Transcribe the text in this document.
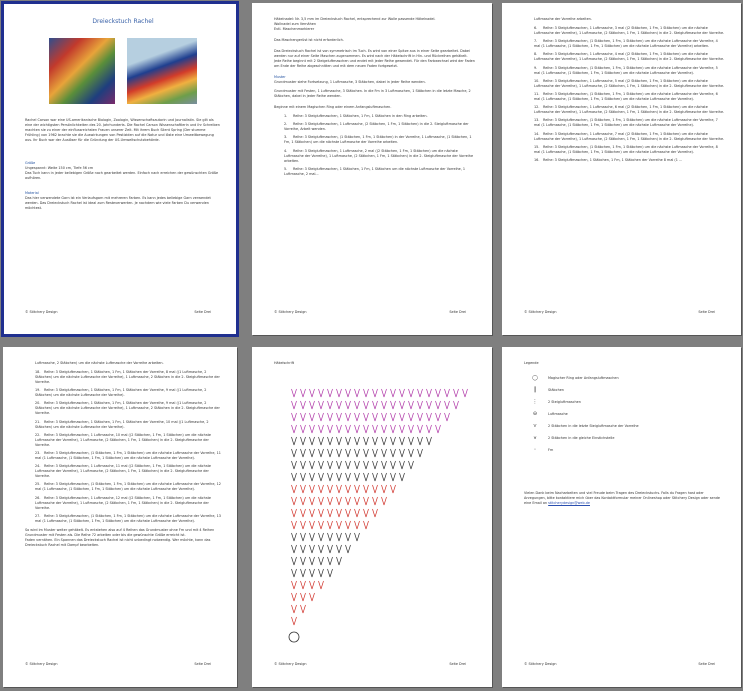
Dreieckstuch Rachel
Rachel Carson war eine US-amerikanische Biologin, Zoologin, Wissenschaftsautorin und Journalistin. Sie gilt als eine der wichtigsten Persönlichkeiten des 20. Jahrhunderts. Die Rachel Carson Wissenschaftlerin und ihr Schreiben machten sie zu einer der einflussreichsten Frauen unserer Zeit. Mit ihrem Buch Silent Spring (Der stumme Frühling) von 1962 brachte sie die Auswirkungen von Pestiziden auf die Natur und löste eine Umweltbewegung aus. Ihr Buch war der Auslöser für die Gründung der US-Umweltschutzbehörde.
Größe
Ungespannt: Weite 150 cm, Tiefe 56 cm
Das Tuch kann in jeder beliebigen Größe nach gearbeitet werden. Einfach nach erreichen der gewünschten Größe aufhören.
Material
Das hier verwendete Garn ist ein Verlaufsgarn mit mehreren Farben. Es kann jedes beliebige Garn verwendet werden. Das Dreieckstuch Rachel ist ideal zum Resteverwerten. Je nachdem wie viele Farben Du verwenden möchtest.
© Stitchery Design	Seite Drei
Häkelnadel: Nr. 3,5 mm im Dreieckstuch Rachel, entsprechend zur Wolle passende Häkelnadel.
Wollnadel zum Vernähen
Evtl. Maschenmarkierer
Das Maschengerüst ist nicht erforderlich.
Das Dreieckstuch Rachel ist von symmetrisch im Tuch. Es wird von einer Spitze aus in einer Seite gearbeitet. Dabei werden nur auf einer Seite Maschen zugenommen. Es wird nach der Häkelschrift in Hin- und Rückreihen gehäkelt. Jede Reihe beginnt mit 2 Steigeluftmaschen und endet mit jeder Reihe gewendet. Für den Farbwechsel wird der Faden am Ende der Reihe abgeschnitten und mit dem neuen Faden fortgesetzt.
Muster
Grundmuster siehe Fortsetzung, 1 Luftmasche, 3 Stäbchen, dabei in jeder Reihe wenden.
Grundmuster mit Festen, 1 Luftmasche, 3 Stäbchen. In die Fm in 3 Luftmaschen, 1 Stäbchen in die letzte Masche, 2 Stäbchen, dabei in jeder Reihe wenden.
Beginne mit einem Magischen Ring oder einem Anfangsluftmaschen.
1. Reihe: 3 Steigluftmaschen, 1 Stäbchen, 1 Fm, 1 Stäbchen in den Ring arbeiten.
2. Reihe: 3 Steigluftmaschen, 1 Luftmasche, (2 Stäbchen, 1 Fm, 1 Stäbchen) in die 2. Steigluftmasche der Vorreihe, Arbeit wenden.
3. Reihe: 3 Steigluftmaschen, (1 Stäbchen, 1 Fm, 1 Stäbchen) in der Vorreihe, 1 Luftmasche, (1 Stäbchen, 1 Fm, 1 Stäbchen) um die nächste Luftmasche der Vorreihe arbeiten.
4. Reihe: 3 Steigluftmaschen, 1 Luftmasche, 2 mal ((2 Stäbchen, 1 Fm, 1 Stäbchen) um die nächste Luftmasche der Vorreihe), 1 Luftmasche, (2 Stäbchen, 1 Fm, 1 Stäbchen) in die 2. Steigluftmasche der Vorreihe arbeiten.
5. Reihe: 3 Steigluftmaschen, 1 Stäbchen, 1 Fm, 1 Stäbchen um die nächste Luftmasche der Vorreihe, 1 Luftmasche, 2 mal...
© Stitchery Design	Seite Drei
Luftmasche der Vorreihe arbeiten.
6. Reihe: 3 Steigluftmaschen, 1 Luftmasche, 3 mal ((2 Stäbchen, 1 Fm, 1 Stäbchen) um die nächste Luftmasche der Vorreihe), 1 Luftmasche, (2 Stäbchen, 1 Fm, 1 Stäbchen) in die 2. Steigluftmasche der Vorreihe.
7. Reihe: 3 Steigluftmaschen, (1 Stäbchen, 1 Fm, 1 Stäbchen) um die nächste Luftmasche der Vorreihe, 4 mal (1 Luftmasche, (1 Stäbchen, 1 Fm, 1 Stäbchen) um die nächste Luftmasche der Vorreihe) arbeiten.
8. Reihe: 3 Steigluftmaschen, 1 Luftmasche, 4 mal ((2 Stäbchen, 1 Fm, 1 Stäbchen) um die nächste Luftmasche der Vorreihe), 1 Luftmasche, (2 Stäbchen, 1 Fm, 1 Stäbchen) in die 2. Steigluftmasche der Vorreihe.
9. Reihe: 3 Steigluftmaschen, (1 Stäbchen, 1 Fm, 1 Stäbchen) um die nächste Luftmasche der Vorreihe, 5 mal (1 Luftmasche, (1 Stäbchen, 1 Fm, 1 Stäbchen) um die nächste Luftmasche der Vorreihe).
10. Reihe: 3 Steigluftmaschen, 1 Luftmasche, 5 mal ((2 Stäbchen, 1 Fm, 1 Stäbchen) um die nächste Luftmasche der Vorreihe), 1 Luftmasche, (2 Stäbchen, 1 Fm, 1 Stäbchen) in die 2. Steigluftmasche der Vorreihe.
11. Reihe: 3 Steigluftmaschen, (1 Stäbchen, 1 Fm, 1 Stäbchen) um die nächste Luftmasche der Vorreihe, 6 mal (1 Luftmasche, (1 Stäbchen, 1 Fm, 1 Stäbchen) um die nächste Luftmasche der Vorreihe).
12. Reihe: 3 Steigluftmaschen, 1 Luftmasche, 6 mal ((2 Stäbchen, 1 Fm, 1 Stäbchen) um die nächste Luftmasche der Vorreihe), 1 Luftmasche, (2 Stäbchen, 1 Fm, 1 Stäbchen) in die 2. Steigluftmasche der Vorreihe.
13. Reihe: 3 Steigluftmaschen, (1 Stäbchen, 1 Fm, 1 Stäbchen) um die nächste Luftmasche der Vorreihe, 7 mal (1 Luftmasche, (1 Stäbchen, 1 Fm, 1 Stäbchen) um die nächste Luftmasche der Vorreihe).
14. Reihe: 3 Steigluftmaschen, 1 Luftmasche, 7 mal ((2 Stäbchen, 1 Fm, 1 Stäbchen) um die nächste Luftmasche der Vorreihe), 1 Luftmasche, (2 Stäbchen, 1 Fm, 1 Stäbchen) in die 2. Steigluftmasche der Vorreihe.
15. Reihe: 3 Steigluftmaschen, (1 Stäbchen, 1 Fm, 1 Stäbchen) um die nächste Luftmasche der Vorreihe, 8 mal (1 Luftmasche, (1 Stäbchen, 1 Fm, 1 Stäbchen) um die nächste Luftmasche der Vorreihe).
16. Reihe: 3 Steigluftmaschen, 1 Stäbchen, 1 Fm, 1 Stäbchen der Vorreihe 8 mal (1 ...
© Stitchery Design	Seite Drei
Luftmasche, 2 Stäbchen) um die nächste Luftmasche der Vorreihe arbeiten.
18. Reihe: 3 Steigluftmaschen, 1 Stäbchen, 1 Fm, 1 Stäbchen der Vorreihe, 8 mal ((1 Luftmasche, 2 Stäbchen) um die nächste Luftmasche der Vorreihe), 1 Luftmasche, 2 Stäbchen in die 2. Steigluftmasche der Vorreihe.
19. Reihe: 3 Steigluftmaschen, 1 Stäbchen, 1 Fm, 1 Stäbchen der Vorreihe, 9 mal ((1 Luftmasche, 2 Stäbchen) um die nächste Luftmasche der Vorreihe).
20. Reihe: 3 Steigluftmaschen, 1 Stäbchen, 1 Fm, 1 Stäbchen der Vorreihe, 9 mal ((1 Luftmasche, 2 Stäbchen) um die nächste Luftmasche der Vorreihe), 1 Luftmasche, 2 Stäbchen in die 2. Steigluftmasche der Vorreihe.
21. Reihe: 3 Steigluftmaschen, 1 Stäbchen, 1 Fm, 1 Stäbchen der Vorreihe, 10 mal ((1 Luftmasche, 2 Stäbchen) um die nächste Luftmasche der Vorreihe).
22. Reihe: 3 Steigluftmaschen, 1 Luftmasche, 10 mal ((2 Stäbchen, 1 Fm, 1 Stäbchen) um die nächste Luftmasche der Vorreihe), 1 Luftmasche, (2 Stäbchen, 1 Fm, 1 Stäbchen) in die 2. Steigluftmasche der Vorreihe.
23. Reihe: 3 Steigluftmaschen, (1 Stäbchen, 1 Fm, 1 Stäbchen) um die nächste Luftmasche der Vorreihe, 11 mal (1 Luftmasche, (1 Stäbchen, 1 Fm, 1 Stäbchen) um die nächste Luftmasche der Vorreihe).
24. Reihe: 3 Steigluftmaschen, 1 Luftmasche, 11 mal ((2 Stäbchen, 1 Fm, 1 Stäbchen) um die nächste Luftmasche der Vorreihe), 1 Luftmasche, (2 Stäbchen, 1 Fm, 1 Stäbchen) in die 2. Steigluftmasche der Vorreihe.
25. Reihe: 3 Steigluftmaschen, (1 Stäbchen, 1 Fm, 1 Stäbchen) um die nächste Luftmasche der Vorreihe, 12 mal (1 Luftmasche, (1 Stäbchen, 1 Fm, 1 Stäbchen) um die nächste Luftmasche der Vorreihe).
26. Reihe: 3 Steigluftmaschen, 1 Luftmasche, 12 mal ((2 Stäbchen, 1 Fm, 1 Stäbchen) um die nächste Luftmasche der Vorreihe), 1 Luftmasche, (2 Stäbchen, 1 Fm, 1 Stäbchen) in die 2. Steigluftmasche der Vorreihe.
27. Reihe: 3 Steigluftmaschen, (1 Stäbchen, 1 Fm, 1 Stäbchen) um die nächste Luftmasche der Vorreihe, 13 mal (1 Luftmasche, (1 Stäbchen, 1 Fm, 1 Stäbchen) um die nächste Luftmasche der Vorreihe).
So wird im Muster weiter gehäkelt. Es entstehen also auf 4 Reihen das Grundmuster ohne Fm und mit 4 Reihen Grundmuster mit Festen als. Die Reihe 72 arbeiten oder bis die gewünschte Größe erreicht ist.
Faden vernähen. Ein Spannen das Dreieckstuch Rachel ist nicht unbedingt notwendig. Wer möchte, kann das Dreieckstuch Rachel mit Dampf bearbeiten.
© Stitchery Design	Seite Drei
Häkelschrift
© Stitchery Design	Seite Drei
Legende
◯	Magischer Ring oder Anfangsluftmaschen
┃	Stäbchen
⋮	2 Steigluftmaschen
⊖	Luftmasche
⋎	2 Stäbchen in die letzte Steigluftmasche der Vorreihe
⩛	2 Stäbchen in die gleiche Einstichstelle
◦	Fm
Vielen Dank beim Nacharbeiten und viel Freude beim Tragen des Dreieckstuchs. Falls du Fragen hast oder Anregungen, bitte kontaktiere mich über das Kontaktformular meiner Onlineshop oder Stitchery Design oder sende eine Email an stitcherydesign@web.de
© Stitchery Design	Seite Drei
